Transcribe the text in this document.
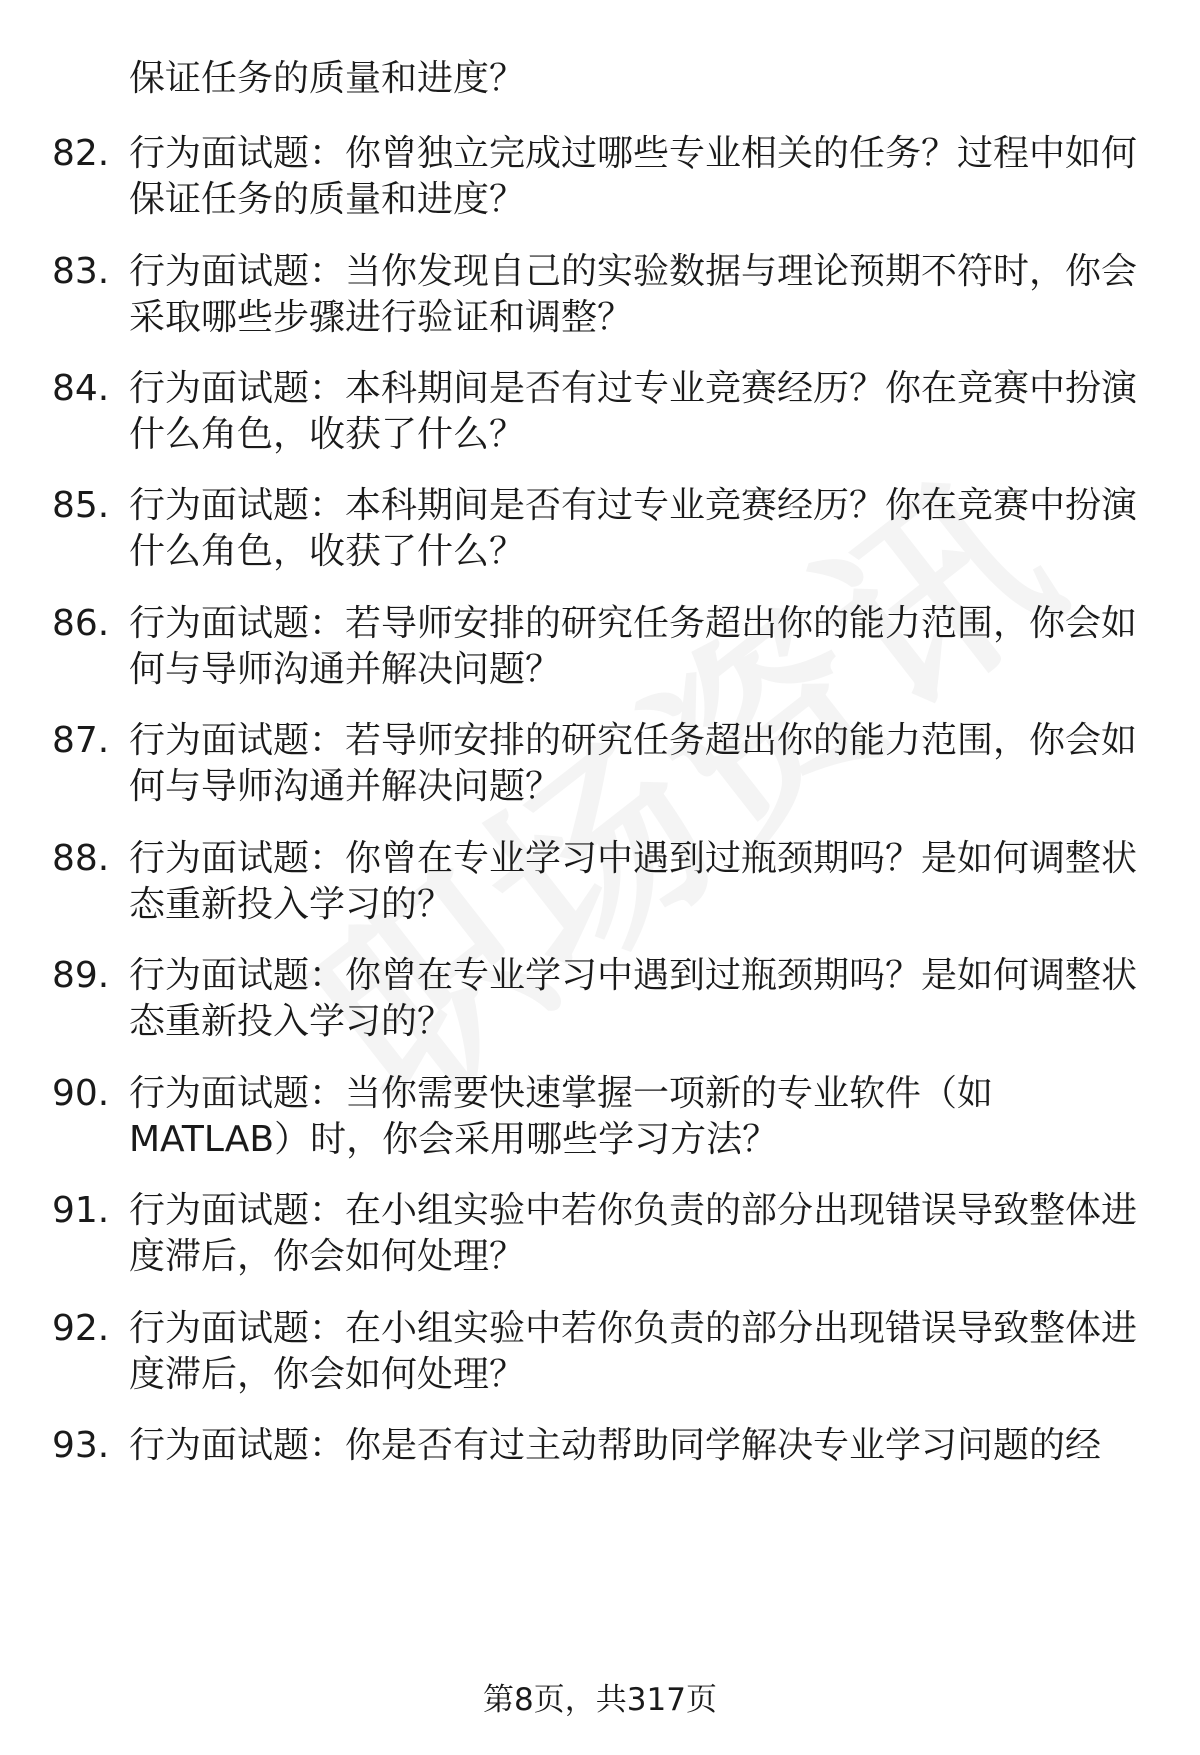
保证任务的质量和进度？
82. 行为面试题：你曾独立完成过哪些专业相关的任务？过程中如何
保证任务的质量和进度？
83. 行为面试题：当你发现自己的实验数据与理论预期不符时，你会
采取哪些步骤进行验证和调整？
84. 行为面试题：本科期间是否有过专业竞赛经历？你在竞赛中扮演
什么角色，收获了什么？
85. 行为面试题：本科期间是否有过专业竞赛经历？你在竞赛中扮演
什么角色，收获了什么？
86. 行为面试题：若导师安排的研究任务超出你的能力范围，你会如
何与导师沟通并解决问题？
87. 行为面试题：若导师安排的研究任务超出你的能力范围，你会如
何与导师沟通并解决问题？
88. 行为面试题：你曾在专业学习中遇到过瓶颈期吗？是如何调整状
态重新投入学习的？
89. 行为面试题：你曾在专业学习中遇到过瓶颈期吗？是如何调整状
态重新投入学习的？
90. 行为面试题：当你需要快速掌握一项新的专业软件（如
MATLAB）时，你会采用哪些学习方法？
91. 行为面试题：在小组实验中若你负责的部分出现错误导致整体进
度滞后，你会如何处理？
92. 行为面试题：在小组实验中若你负责的部分出现错误导致整体进
度滞后，你会如何处理？
93. 行为面试题：你是否有过主动帮助同学解决专业学习问题的经
第8页，共317页
